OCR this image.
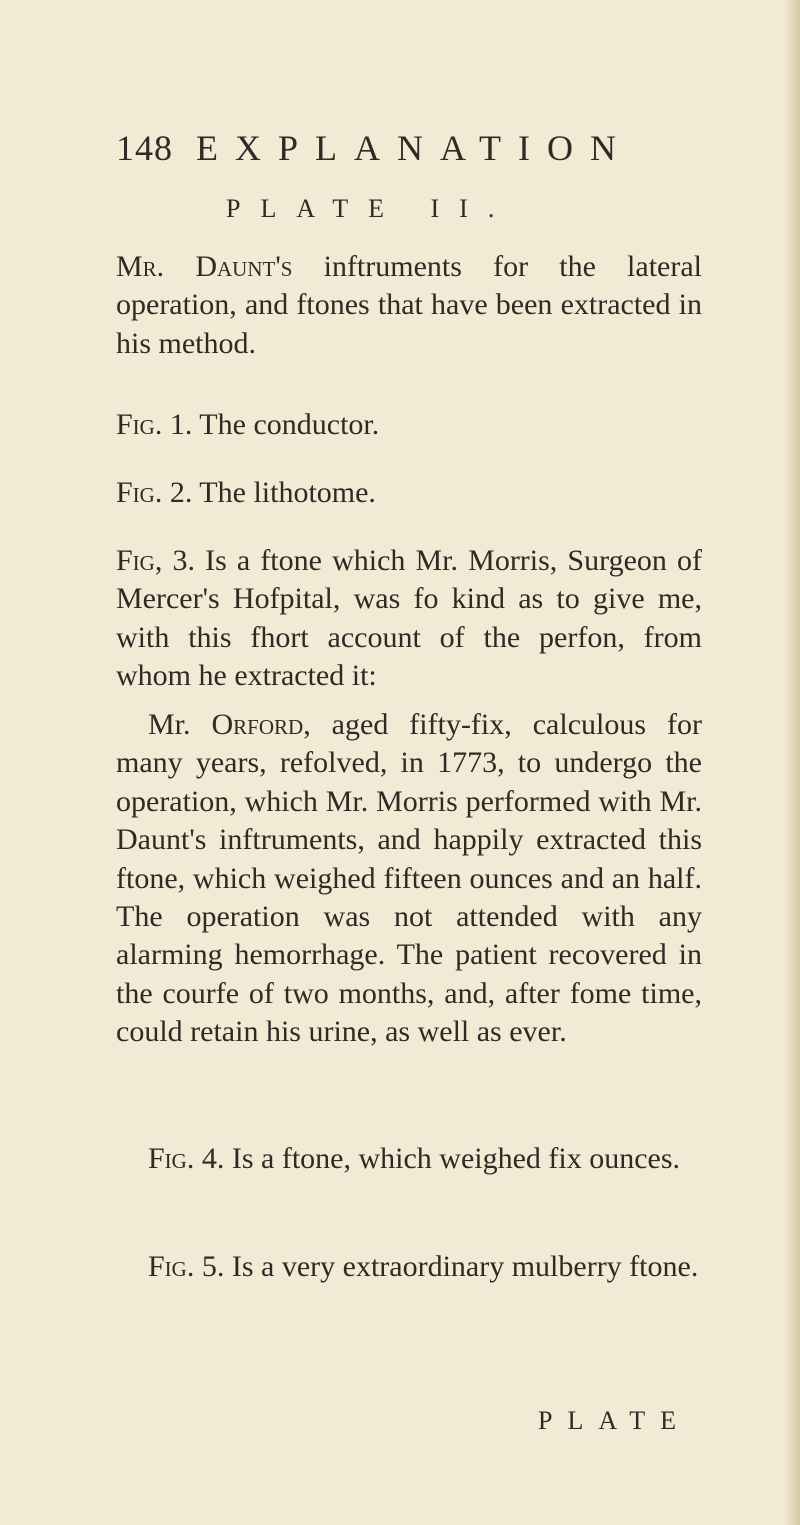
148 EXPLANATION
PLATE II.

Mr. Daunt's inftruments for the lateral operation, and ftones that have been extracted in his method.

Fig. 1. The conductor.

Fig. 2. The lithotome.

Fig, 3. Is a ftone which Mr. Morris, Surgeon of Mercer's Hofpital, was fo kind as to give me, with this fhort account of the perfon, from whom he extracted it:

Mr. Orford, aged fifty-fix, calculous for many years, refolved, in 1773, to undergo the operation, which Mr. Morris performed with Mr. Daunt's inftruments, and happily extracted this ftone, which weighed fifteen ounces and an half. The operation was not attended with any alarming hemorrhage. The patient recovered in the courfe of two months, and, after fome time, could retain his urine, as well as ever.

Fig. 4. Is a ftone, which weighed fix ounces.

Fig. 5. Is a very extraordinary mulberry ftone.

PLATE
